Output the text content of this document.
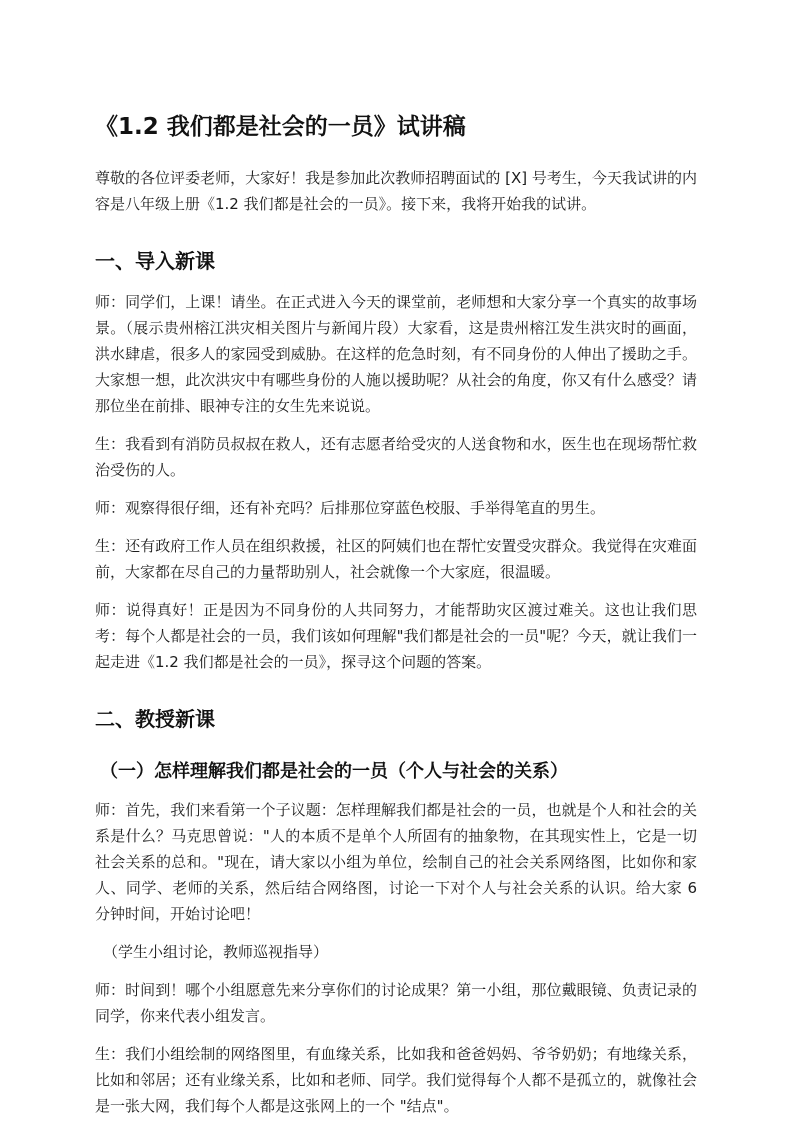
《1.2 我们都是社会的一员》试讲稿

尊敬的各位评委老师，大家好！我是参加此次教师招聘面试的 [X] 号考生，今天我试讲的内容是八年级上册《1.2 我们都是社会的一员》。接下来，我将开始我的试讲。

一、导入新课

师：同学们，上课！请坐。在正式进入今天的课堂前，老师想和大家分享一个真实的故事场景。（展示贵州榕江洪灾相关图片与新闻片段）大家看，这是贵州榕江发生洪灾时的画面，洪水肆虐，很多人的家园受到威胁。在这样的危急时刻，有不同身份的人伸出了援助之手。大家想一想，此次洪灾中有哪些身份的人施以援助呢？从社会的角度，你又有什么感受？请那位坐在前排、眼神专注的女生先来说说。

生：我看到有消防员叔叔在救人，还有志愿者给受灾的人送食物和水，医生也在现场帮忙救治受伤的人。

师：观察得很仔细，还有补充吗？后排那位穿蓝色校服、手举得笔直的男生。

生：还有政府工作人员在组织救援，社区的阿姨们也在帮忙安置受灾群众。我觉得在灾难面前，大家都在尽自己的力量帮助别人，社会就像一个大家庭，很温暖。

师：说得真好！正是因为不同身份的人共同努力，才能帮助灾区渡过难关。这也让我们思考：每个人都是社会的一员，我们该如何理解"我们都是社会的一员"呢？今天，就让我们一起走进《1.2 我们都是社会的一员》，探寻这个问题的答案。

二、教授新课
（一）怎样理解我们都是社会的一员（个人与社会的关系）

师：首先，我们来看第一个子议题：怎样理解我们都是社会的一员，也就是个人和社会的关系是什么？马克思曾说："人的本质不是单个人所固有的抽象物，在其现实性上，它是一切社会关系的总和。"现在，请大家以小组为单位，绘制自己的社会关系网络图，比如你和家人、同学、老师的关系，然后结合网络图，讨论一下对个人与社会关系的认识。给大家 6 分钟时间，开始讨论吧！

（学生小组讨论，教师巡视指导）

师：时间到！哪个小组愿意先来分享你们的讨论成果？第一小组，那位戴眼镜、负责记录的同学，你来代表小组发言。

生：我们小组绘制的网络图里，有血缘关系，比如我和爸爸妈妈、爷爷奶奶；有地缘关系，比如和邻居；还有业缘关系，比如和老师、同学。我们觉得每个人都不是孤立的，就像社会是一张大网，我们每个人都是这张网上的一个 "结点"。
